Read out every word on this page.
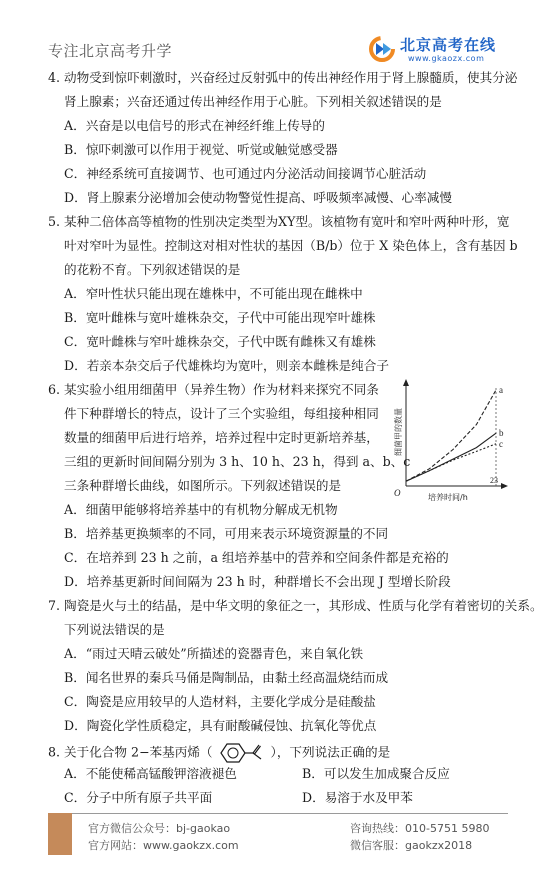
专注北京高考升学	北京高考在线
www.gkaozx.com
4. 动物受到惊吓刺激时，兴奋经过反射弧中的传出神经作用于肾上腺髓质，使其分泌
肾上腺素；兴奋还通过传出神经作用于心脏。下列相关叙述错误的是
A．兴奋是以电信号的形式在神经纤维上传导的
B．惊吓刺激可以作用于视觉、听觉或触觉感受器
C．神经系统可直接调节、也可通过内分泌活动间接调节心脏活动
D．肾上腺素分泌增加会使动物警觉性提高、呼吸频率减慢、心率减慢
5. 某种二倍体高等植物的性别决定类型为XY型。该植物有宽叶和窄叶两种叶形，宽
叶对窄叶为显性。控制这对相对性状的基因（B/b）位于 X 染色体上，含有基因 b
的花粉不育。下列叙述错误的是
A．窄叶性状只能出现在雄株中，不可能出现在雌株中
B．宽叶雌株与宽叶雄株杂交，子代中可能出现窄叶雄株
C．宽叶雌株与窄叶雄株杂交，子代中既有雌株又有雄株
D．若亲本杂交后子代雄株均为宽叶，则亲本雌株是纯合子
6. 某实验小组用细菌甲（异养生物）作为材料来探究不同条
件下种群增长的特点，设计了三个实验组，每组接种相同
数量的细菌甲后进行培养，培养过程中定时更新培养基，
三组的更新时间间隔分别为 3 h、10 h、23 h，得到 a、b、c
三条种群增长曲线，如图所示。下列叙述错误的是
A．细菌甲能够将培养基中的有机物分解成无机物
B．培养基更换频率的不同，可用来表示环境资源量的不同
C．在培养到 23 h 之前，a 组培养基中的营养和空间条件都是充裕的
D．培养基更新时间间隔为 23 h 时，种群增长不会出现 J 型增长阶段
O
23
培养时间/h
细菌甲的数量
a
b
c
7. 陶瓷是火与土的结晶，是中华文明的象征之一，其形成、性质与化学有着密切的关系。
下列说法错误的是
A．“雨过天晴云破处”所描述的瓷器青色，来自氧化铁
B．闻名世界的秦兵马俑是陶制品，由黏土经高温烧结而成
C．陶瓷是应用较早的人造材料，主要化学成分是硅酸盐
D．陶瓷化学性质稳定，具有耐酸碱侵蚀、抗氧化等优点
8. 关于化合物 2−苯基丙烯（	），下列说法正确的是
A．不能使稀高锰酸钾溶液褪色	B．可以发生加成聚合反应
C．分子中所有原子共平面	D．易溶于水及甲苯
官方微信公众号：bj-gaokao
官方网站：www.gaokzx.com
咨询热线：010-5751 5980
微信客服：gaokzx2018
